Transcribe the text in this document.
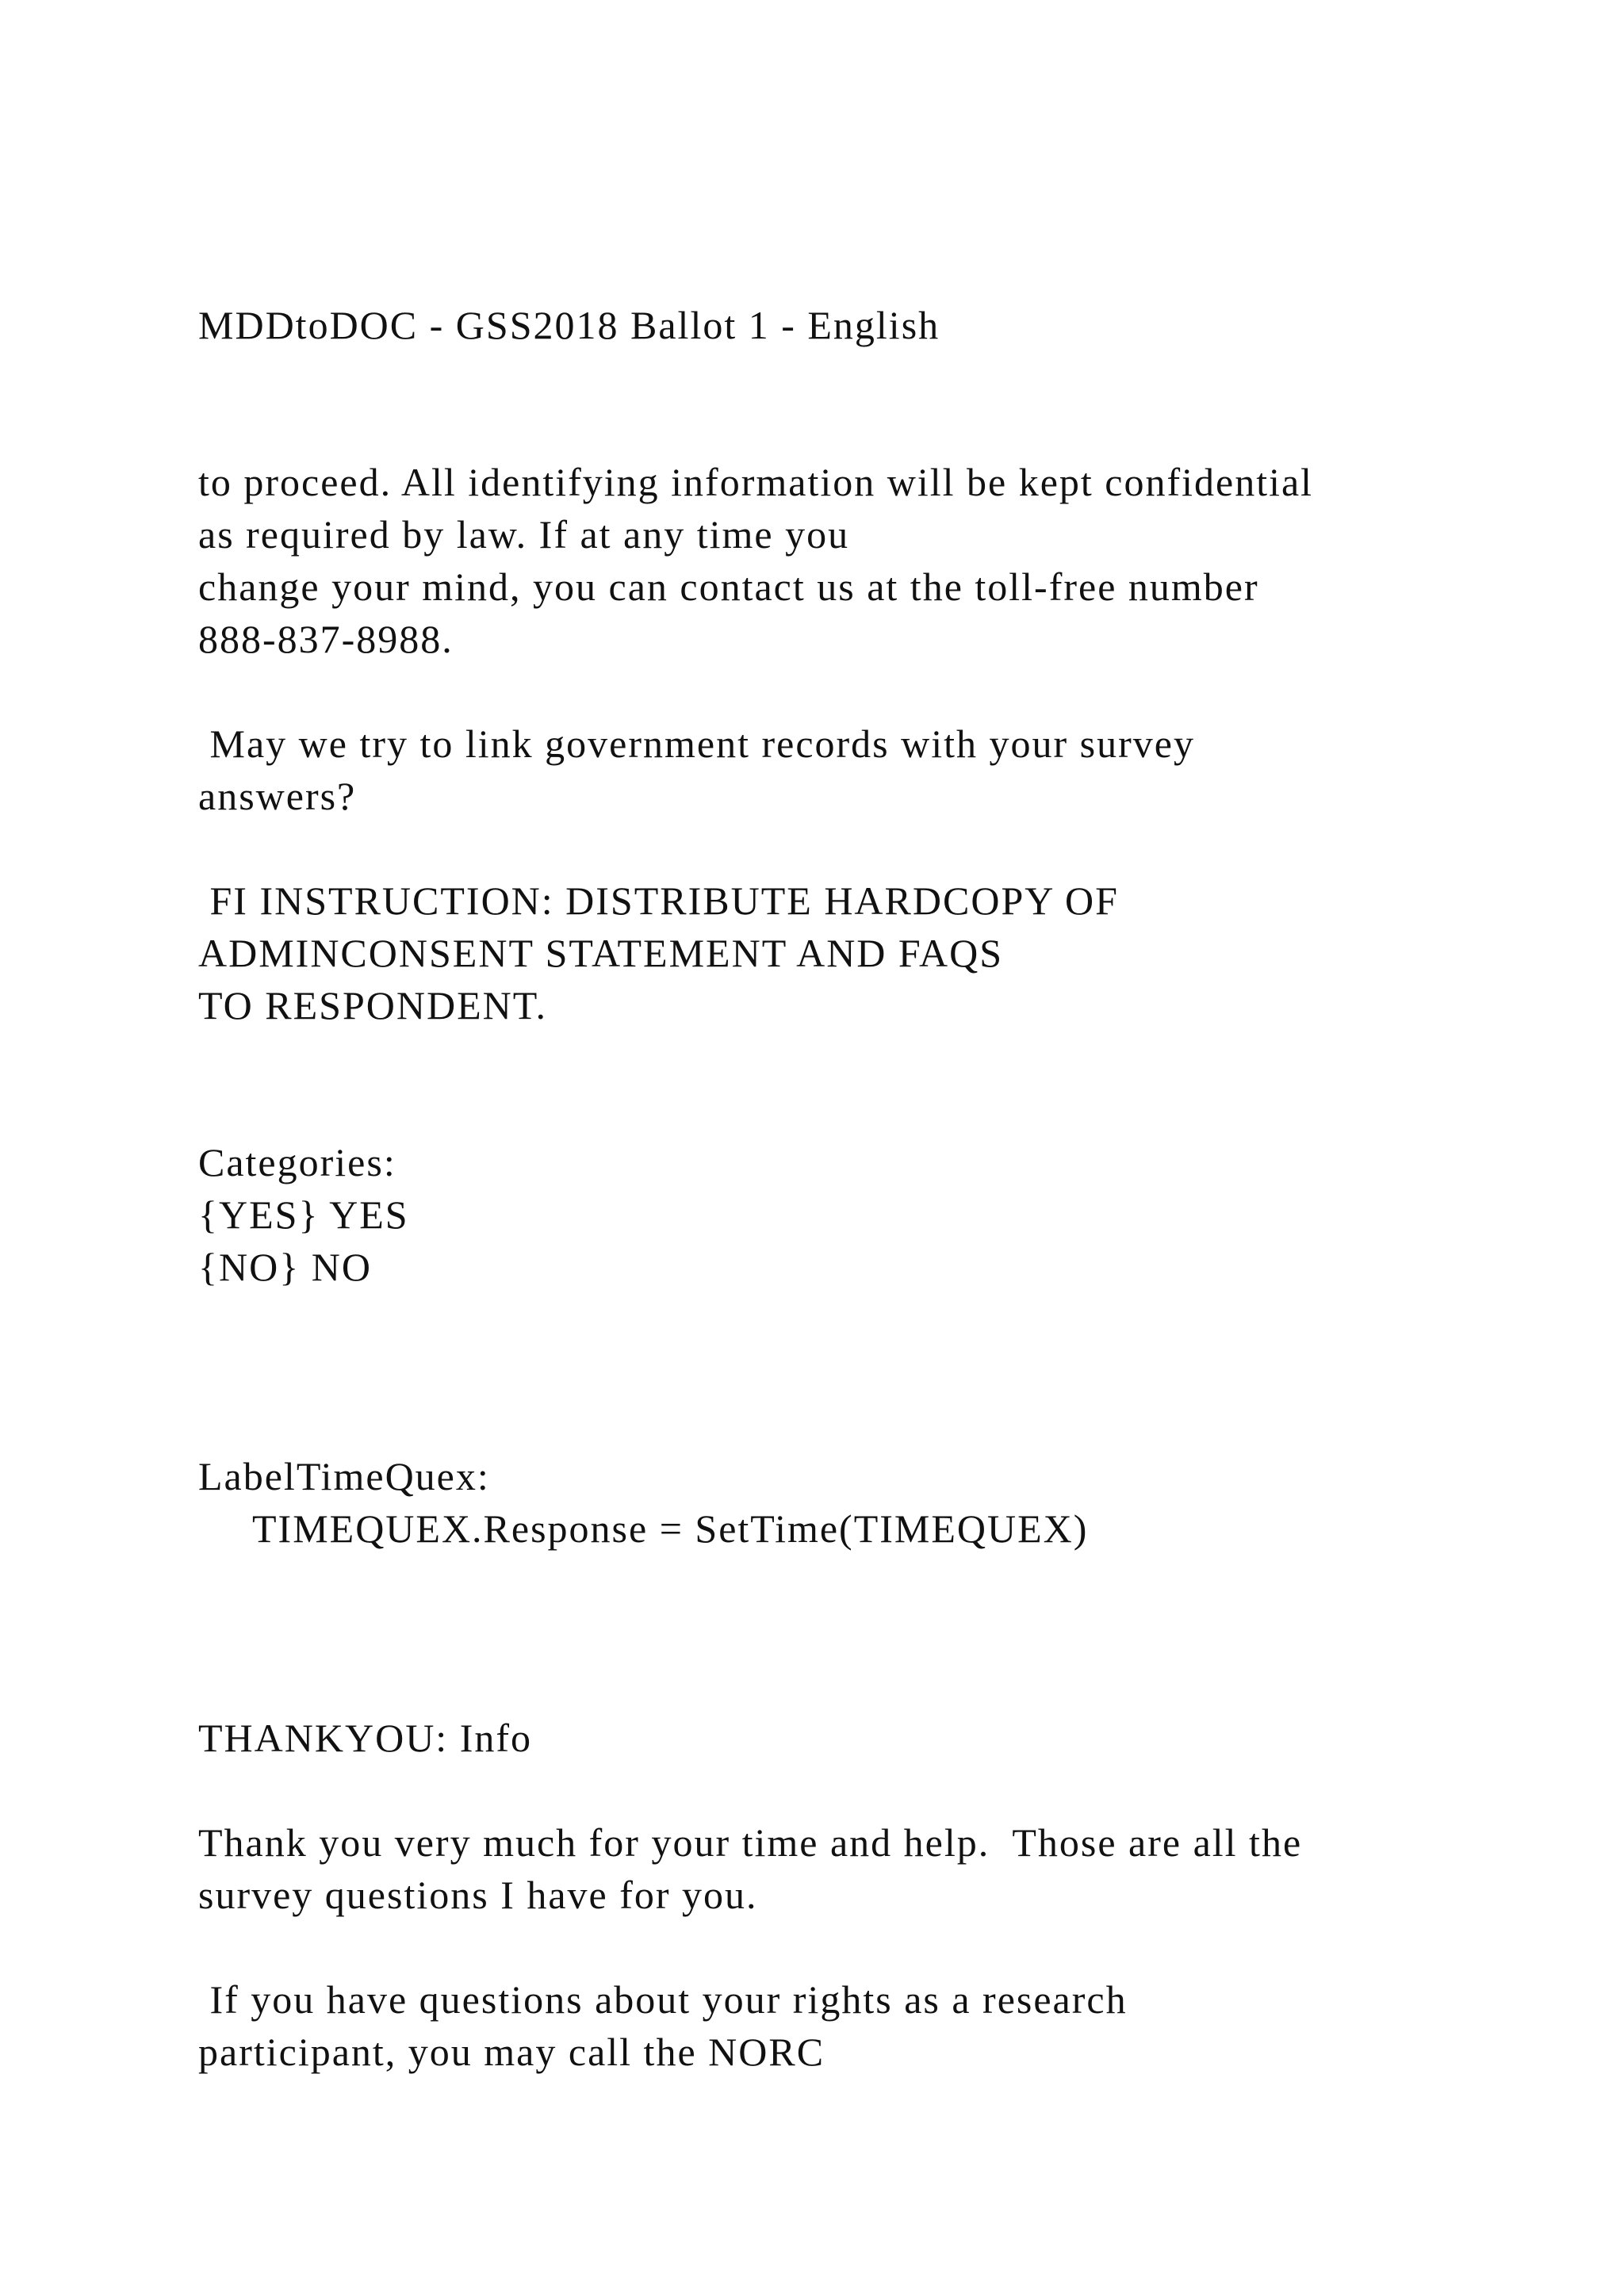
MDDtoDOC - GSS2018 Ballot 1 - English

to proceed. All identifying information will be kept confidential

as required by law. If at any time you

change your mind, you can contact us at the toll-free number

888-837-8988.

May we try to link government records with your survey

answers?

FI INSTRUCTION: DISTRIBUTE HARDCOPY OF

ADMINCONSENT STATEMENT AND FAQS

TO RESPONDENT.

Categories:

{YES} YES

{NO} NO

LabelTimeQuex:

TIMEQUEX.Response = SetTime(TIMEQUEX)

THANKYOU: Info

Thank you very much for your time and help.  Those are all the

survey questions I have for you.

If you have questions about your rights as a research

participant, you may call the NORC
